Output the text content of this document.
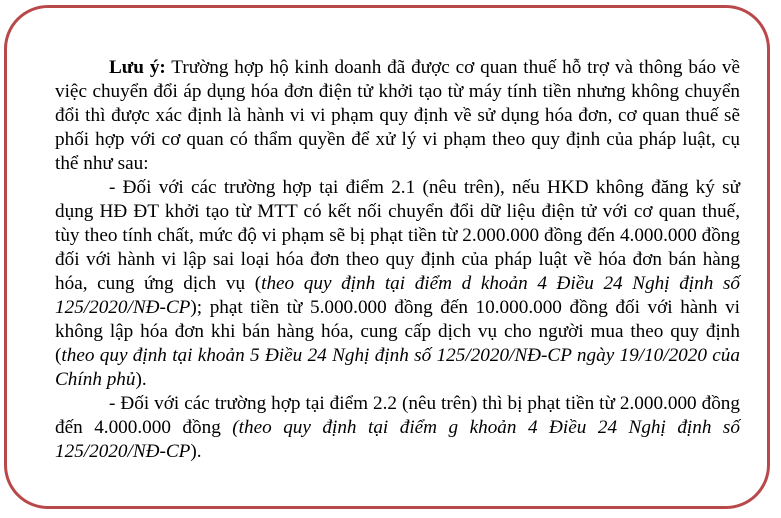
Lưu ý: Trường hợp hộ kinh doanh đã được cơ quan thuế hỗ trợ và thông báo về việc chuyển đổi áp dụng hóa đơn điện tử khởi tạo từ máy tính tiền nhưng không chuyển đổi thì được xác định là hành vi vi phạm quy định về sử dụng hóa đơn, cơ quan thuế sẽ phối hợp với cơ quan có thẩm quyền để xử lý vi phạm theo quy định của pháp luật, cụ thể như sau:

- Đối với các trường hợp tại điểm 2.1 (nêu trên), nếu HKD không đăng ký sử dụng HĐ ĐT khởi tạo từ MTT có kết nối chuyển đổi dữ liệu điện tử với cơ quan thuế, tùy theo tính chất, mức độ vi phạm sẽ bị phạt tiền từ 2.000.000 đồng đến 4.000.000 đồng đối với hành vi lập sai loại hóa đơn theo quy định của pháp luật về hóa đơn bán hàng hóa, cung ứng dịch vụ (theo quy định tại điểm d khoản 4 Điều 24 Nghị định số 125/2020/NĐ-CP); phạt tiền từ 5.000.000 đồng đến 10.000.000 đồng đối với hành vi không lập hóa đơn khi bán hàng hóa, cung cấp dịch vụ cho người mua theo quy định (theo quy định tại khoản 5 Điều 24 Nghị định số 125/2020/NĐ-CP ngày 19/10/2020 của Chính phủ).

- Đối với các trường hợp tại điểm 2.2 (nêu trên) thì bị phạt tiền từ 2.000.000 đồng đến 4.000.000 đồng (theo quy định tại điểm g khoản 4 Điều 24 Nghị định số 125/2020/NĐ-CP).
